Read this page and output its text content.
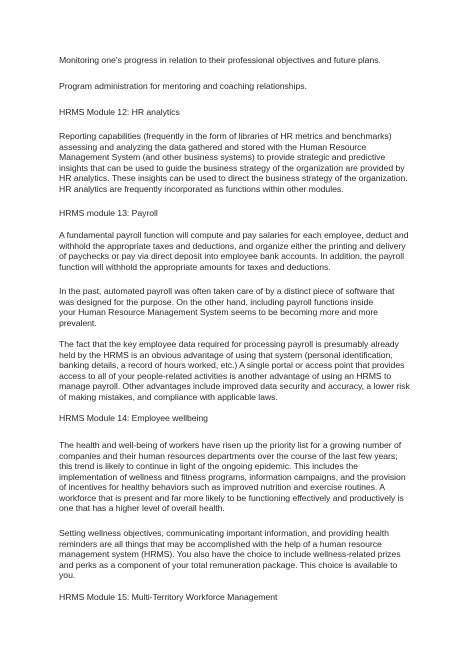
Monitoring one’s progress in relation to their professional objectives and future plans.
Program administration for mentoring and coaching relationships.
HRMS Module 12: HR analytics
Reporting capabilities (frequently in the form of libraries of HR metrics and benchmarks)
assessing and analyzing the data gathered and stored with the Human Resource
Management System (and other business systems) to provide strategic and predictive
insights that can be used to guide the business strategy of the organization are provided by
HR analytics. These insights can be used to direct the business strategy of the organization.
HR analytics are frequently incorporated as functions within other modules.
HRMS module 13: Payroll
A fundamental payroll function will compute and pay salaries for each employee, deduct and
withhold the appropriate taxes and deductions, and organize either the printing and delivery
of paychecks or pay via direct deposit into employee bank accounts. In addition, the payroll
function will withhold the appropriate amounts for taxes and deductions.
In the past, automated payroll was often taken care of by a distinct piece of software that
was designed for the purpose. On the other hand, including payroll functions inside
your Human Resource Management System seems to be becoming more and more
prevalent.
The fact that the key employee data required for processing payroll is presumably already
held by the HRMS is an obvious advantage of using that system (personal identification,
banking details, a record of hours worked, etc.) A single portal or access point that provides
access to all of your people-related activities is another advantage of using an HRMS to
manage payroll. Other advantages include improved data security and accuracy, a lower risk
of making mistakes, and compliance with applicable laws.
HRMS Module 14: Employee wellbeing
The health and well-being of workers have risen up the priority list for a growing number of
companies and their human resources departments over the course of the last few years;
this trend is likely to continue in light of the ongoing epidemic. This includes the
implementation of wellness and fitness programs, information campaigns, and the provision
of incentives for healthy behaviors such as improved nutrition and exercise routines. A
workforce that is present and far more likely to be functioning effectively and productively is
one that has a higher level of overall health.
Setting wellness objectives, communicating important information, and providing health
reminders are all things that may be accomplished with the help of a human resource
management system (HRMS). You also have the choice to include wellness-related prizes
and perks as a component of your total remuneration package. This choice is available to
you.
HRMS Module 15: Multi-Territory Workforce Management
